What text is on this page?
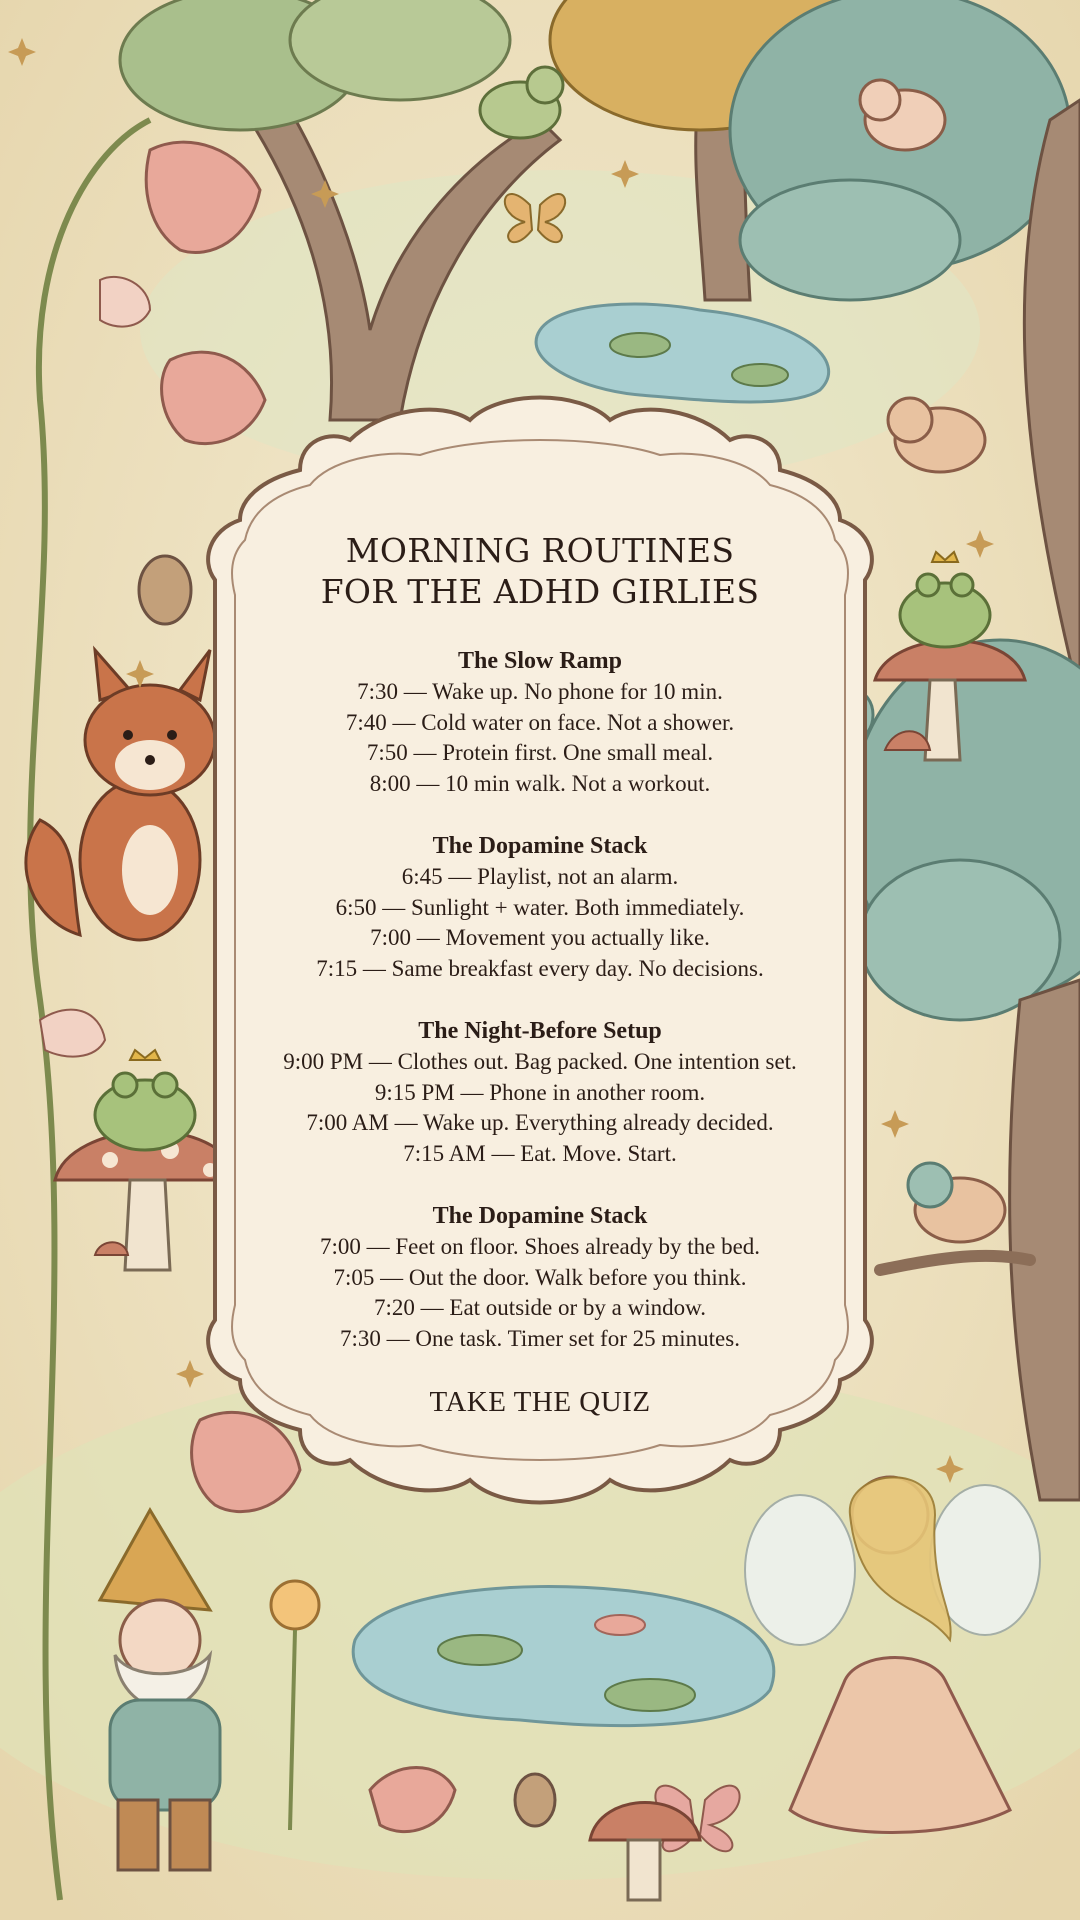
MORNING ROUTINES
FOR THE ADHD GIRLIES
The Slow Ramp
7:30 — Wake up. No phone for 10 min.
7:40 — Cold water on face. Not a shower.
7:50 — Protein first. One small meal.
8:00 — 10 min walk. Not a workout.
The Dopamine Stack
6:45 — Playlist, not an alarm.
6:50 — Sunlight + water. Both immediately.
7:00 — Movement you actually like.
7:15 — Same breakfast every day. No decisions.
The Night-Before Setup
9:00 PM — Clothes out. Bag packed. One intention set.
9:15 PM — Phone in another room.
7:00 AM — Wake up. Everything already decided.
7:15 AM — Eat. Move. Start.
The Dopamine Stack
7:00 — Feet on floor. Shoes already by the bed.
7:05 — Out the door. Walk before you think.
7:20 — Eat outside or by a window.
7:30 — One task. Timer set for 25 minutes.
TAKE THE QUIZ
